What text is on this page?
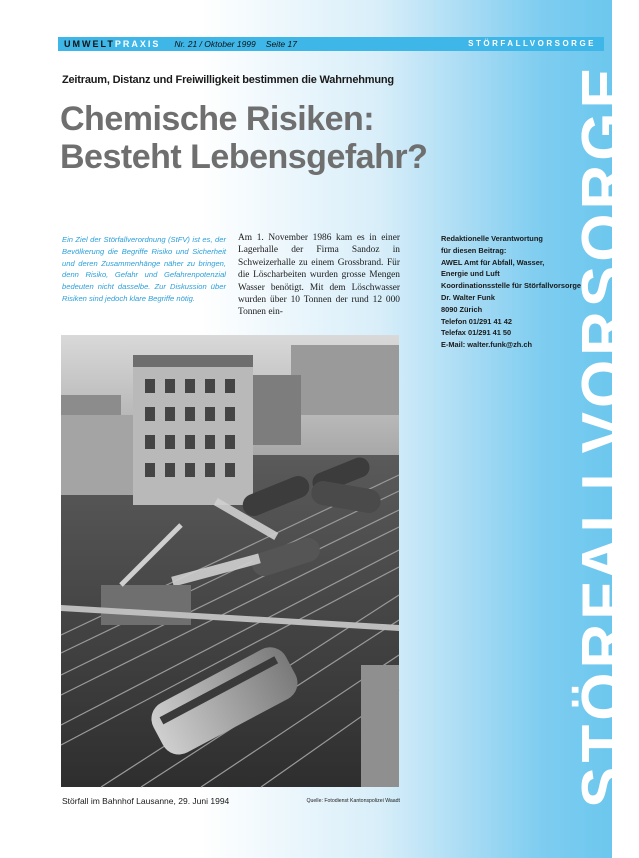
UMWELT PRAXIS Nr. 21 / Oktober 1999 Seite 17	STÖRFALLVORSORGE
Zeitraum, Distanz und Freiwilligkeit bestimmen die Wahrnehmung
Chemische Risiken:
Besteht Lebensgefahr?
Ein Ziel der Störfallverordnung (StFV) ist es, der Bevölkerung die Begriffe Risiko und Sicherheit und deren Zusammenhänge näher zu bringen, denn Risiko, Gefahr und Gefahrenpotenzial bedeuten nicht dasselbe. Zur Diskussion über Risiken sind jedoch klare Begriffe nötig.
Am 1. November 1986 kam es in einer Lagerhalle der Firma Sandoz in Schweizerhalle zu einem Grossbrand. Für die Löscharbeiten wurden grosse Mengen Wasser benötigt. Mit dem Löschwasser wurden über 10 Tonnen der rund 12 000 Tonnen ein-
Redaktionelle Verantwortung
für diesen Beitrag:
AWEL Amt für Abfall, Wasser,
Energie und Luft
Koordinationsstelle für Störfallvorsorge
Dr. Walter Funk
8090 Zürich
Telefon 01/291 41 42
Telefax 01/291 41 50
E-Mail: walter.funk@zh.ch STÖRFALLVORSORGE
Störfall im Bahnhof Lausanne, 29. Juni 1994	Quelle: Fotodienst Kantonspolizei Waadt
